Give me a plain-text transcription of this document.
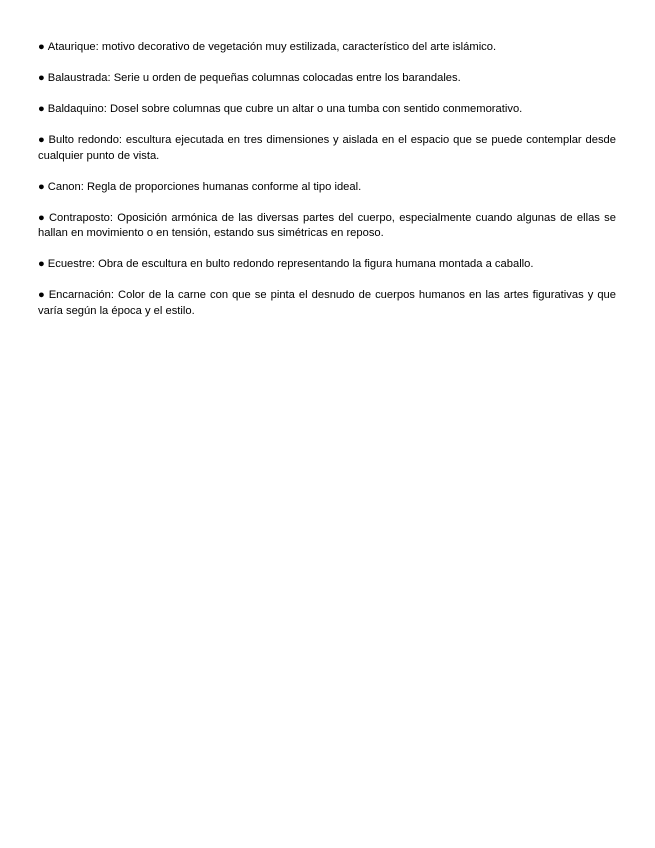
● Ataurique: motivo decorativo de vegetación muy estilizada, característico del arte islámico.

● Balaustrada: Serie u orden de pequeñas columnas colocadas entre los barandales.

● Baldaquino: Dosel sobre columnas que cubre un altar o una tumba con sentido conmemorativo.

● Bulto redondo: escultura ejecutada en tres dimensiones y aislada en el espacio que se puede contemplar desde cualquier punto de vista.

● Canon: Regla de proporciones humanas conforme al tipo ideal.

● Contraposto: Oposición armónica de las diversas partes del cuerpo, especialmente cuando algunas de ellas se hallan en movimiento o en tensión, estando sus simétricas en reposo.

● Ecuestre: Obra de escultura en bulto redondo representando la figura humana montada a caballo.

● Encarnación: Color de la carne con que se pinta el desnudo de cuerpos humanos en las artes figurativas y que varía según la época y el estilo.
